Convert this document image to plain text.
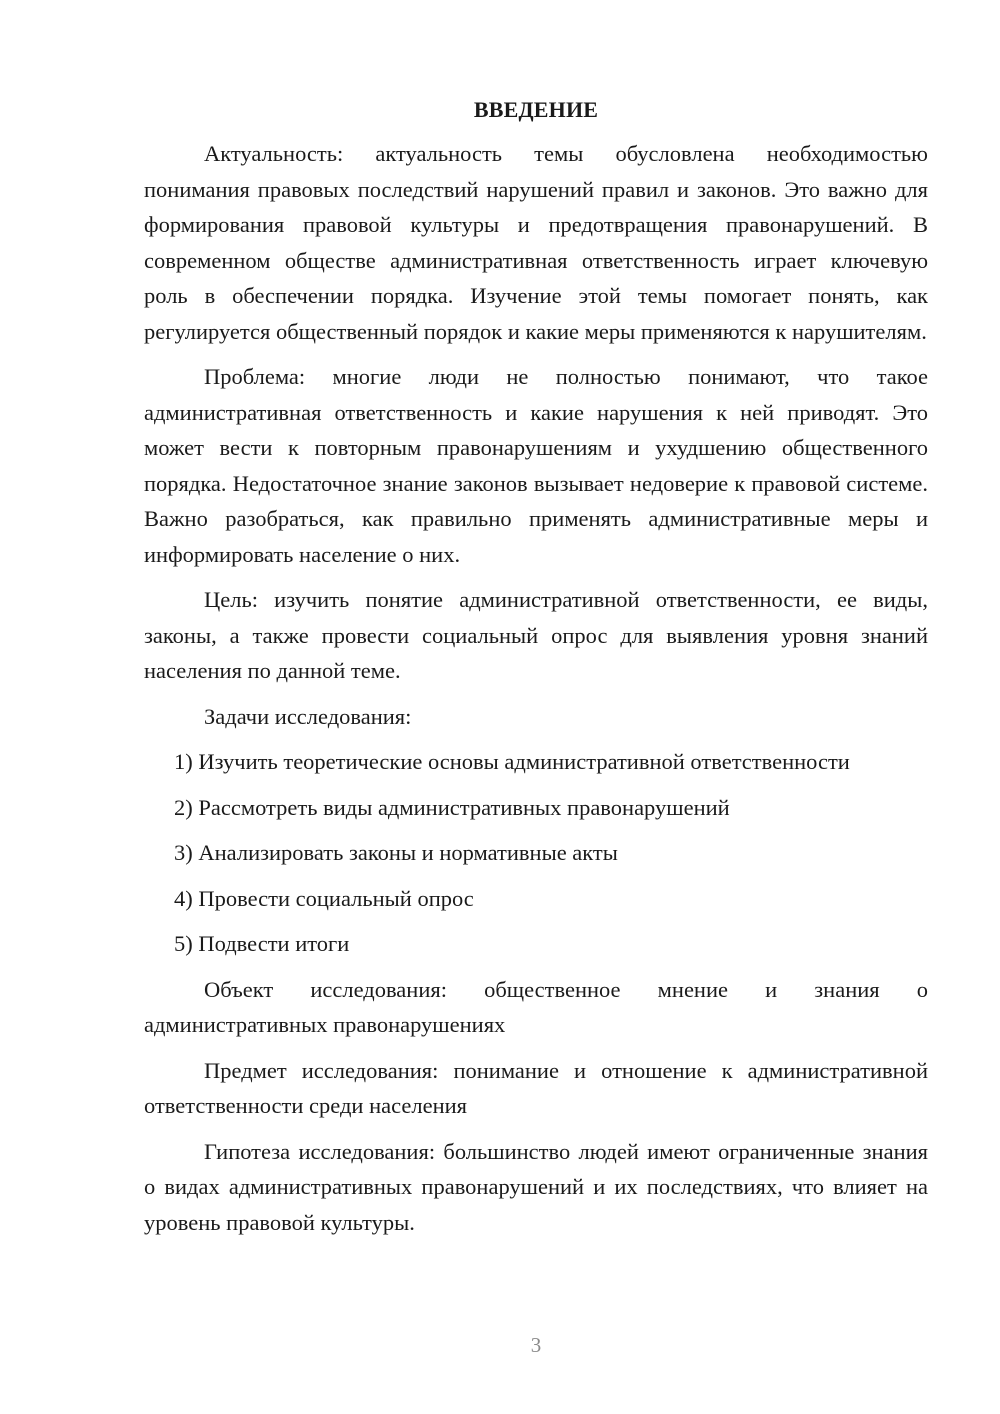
ВВЕДЕНИЕ

Актуальность: актуальность темы обусловлена необходимостью понимания правовых последствий нарушений правил и законов. Это важно для формирования правовой культуры и предотвращения правонарушений. В современном обществе административная ответственность играет ключевую роль в обеспечении порядка. Изучение этой темы помогает понять, как регулируется общественный порядок и какие меры применяются к нарушителям.

Проблема: многие люди не полностью понимают, что такое административная ответственность и какие нарушения к ней приводят. Это может вести к повторным правонарушениям и ухудшению общественного порядка. Недостаточное знание законов вызывает недоверие к правовой системе. Важно разобраться, как правильно применять административные меры и информировать население о них.

Цель: изучить понятие административной ответственности, ее виды, законы, а также провести социальный опрос для выявления уровня знаний населения по данной теме.

Задачи исследования:

1) Изучить теоретические основы административной ответственности

2) Рассмотреть виды административных правонарушений

3) Анализировать законы и нормативные акты

4) Провести социальный опрос

5) Подвести итоги

Объект исследования: общественное мнение и знания о административных правонарушениях

Предмет исследования: понимание и отношение к административной ответственности среди населения

Гипотеза исследования: большинство людей имеют ограниченные знания о видах административных правонарушений и их последствиях, что влияет на уровень правовой культуры.

3
